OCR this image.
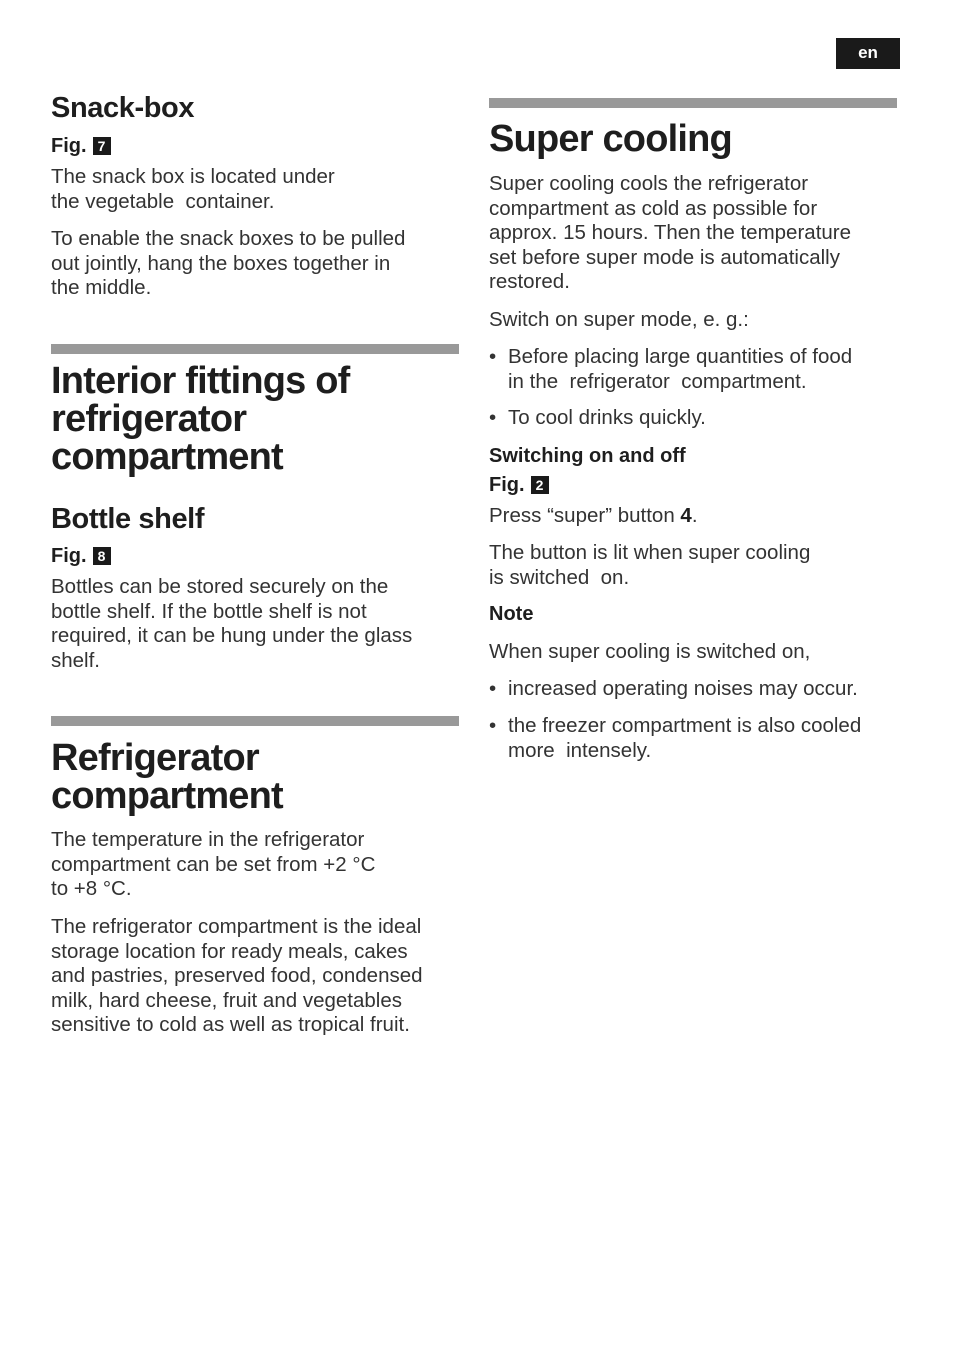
en
Snack-box
Fig. 7
The snack box is located under
the vegetable  container.
To enable the snack boxes to be pulled
out jointly, hang the boxes together in
the middle.
Interior fittings of
refrigerator
compartment
Bottle shelf
Fig. 8
Bottles can be stored securely on the
bottle shelf. If the bottle shelf is not
required, it can be hung under the glass
shelf.
Refrigerator
compartment
The temperature in the refrigerator
compartment can be set from +2 °C
to +8 °C.
The refrigerator compartment is the ideal
storage location for ready meals, cakes
and pastries, preserved food, condensed
milk, hard cheese, fruit and vegetables
sensitive to cold as well as tropical fruit.
Super cooling
Super cooling cools the refrigerator
compartment as cold as possible for
approx. 15 hours. Then the temperature
set before super mode is automatically
restored.
Switch on super mode, e. g.:
• Before placing large quantities of food
in the  refrigerator  compartment.
• To cool drinks quickly.
Switching on and off
Fig. 2
Press “super” button 4.
The button is lit when super cooling
is switched  on.
Note
When super cooling is switched on,
• increased operating noises may occur.
• the freezer compartment is also cooled
more  intensely.
